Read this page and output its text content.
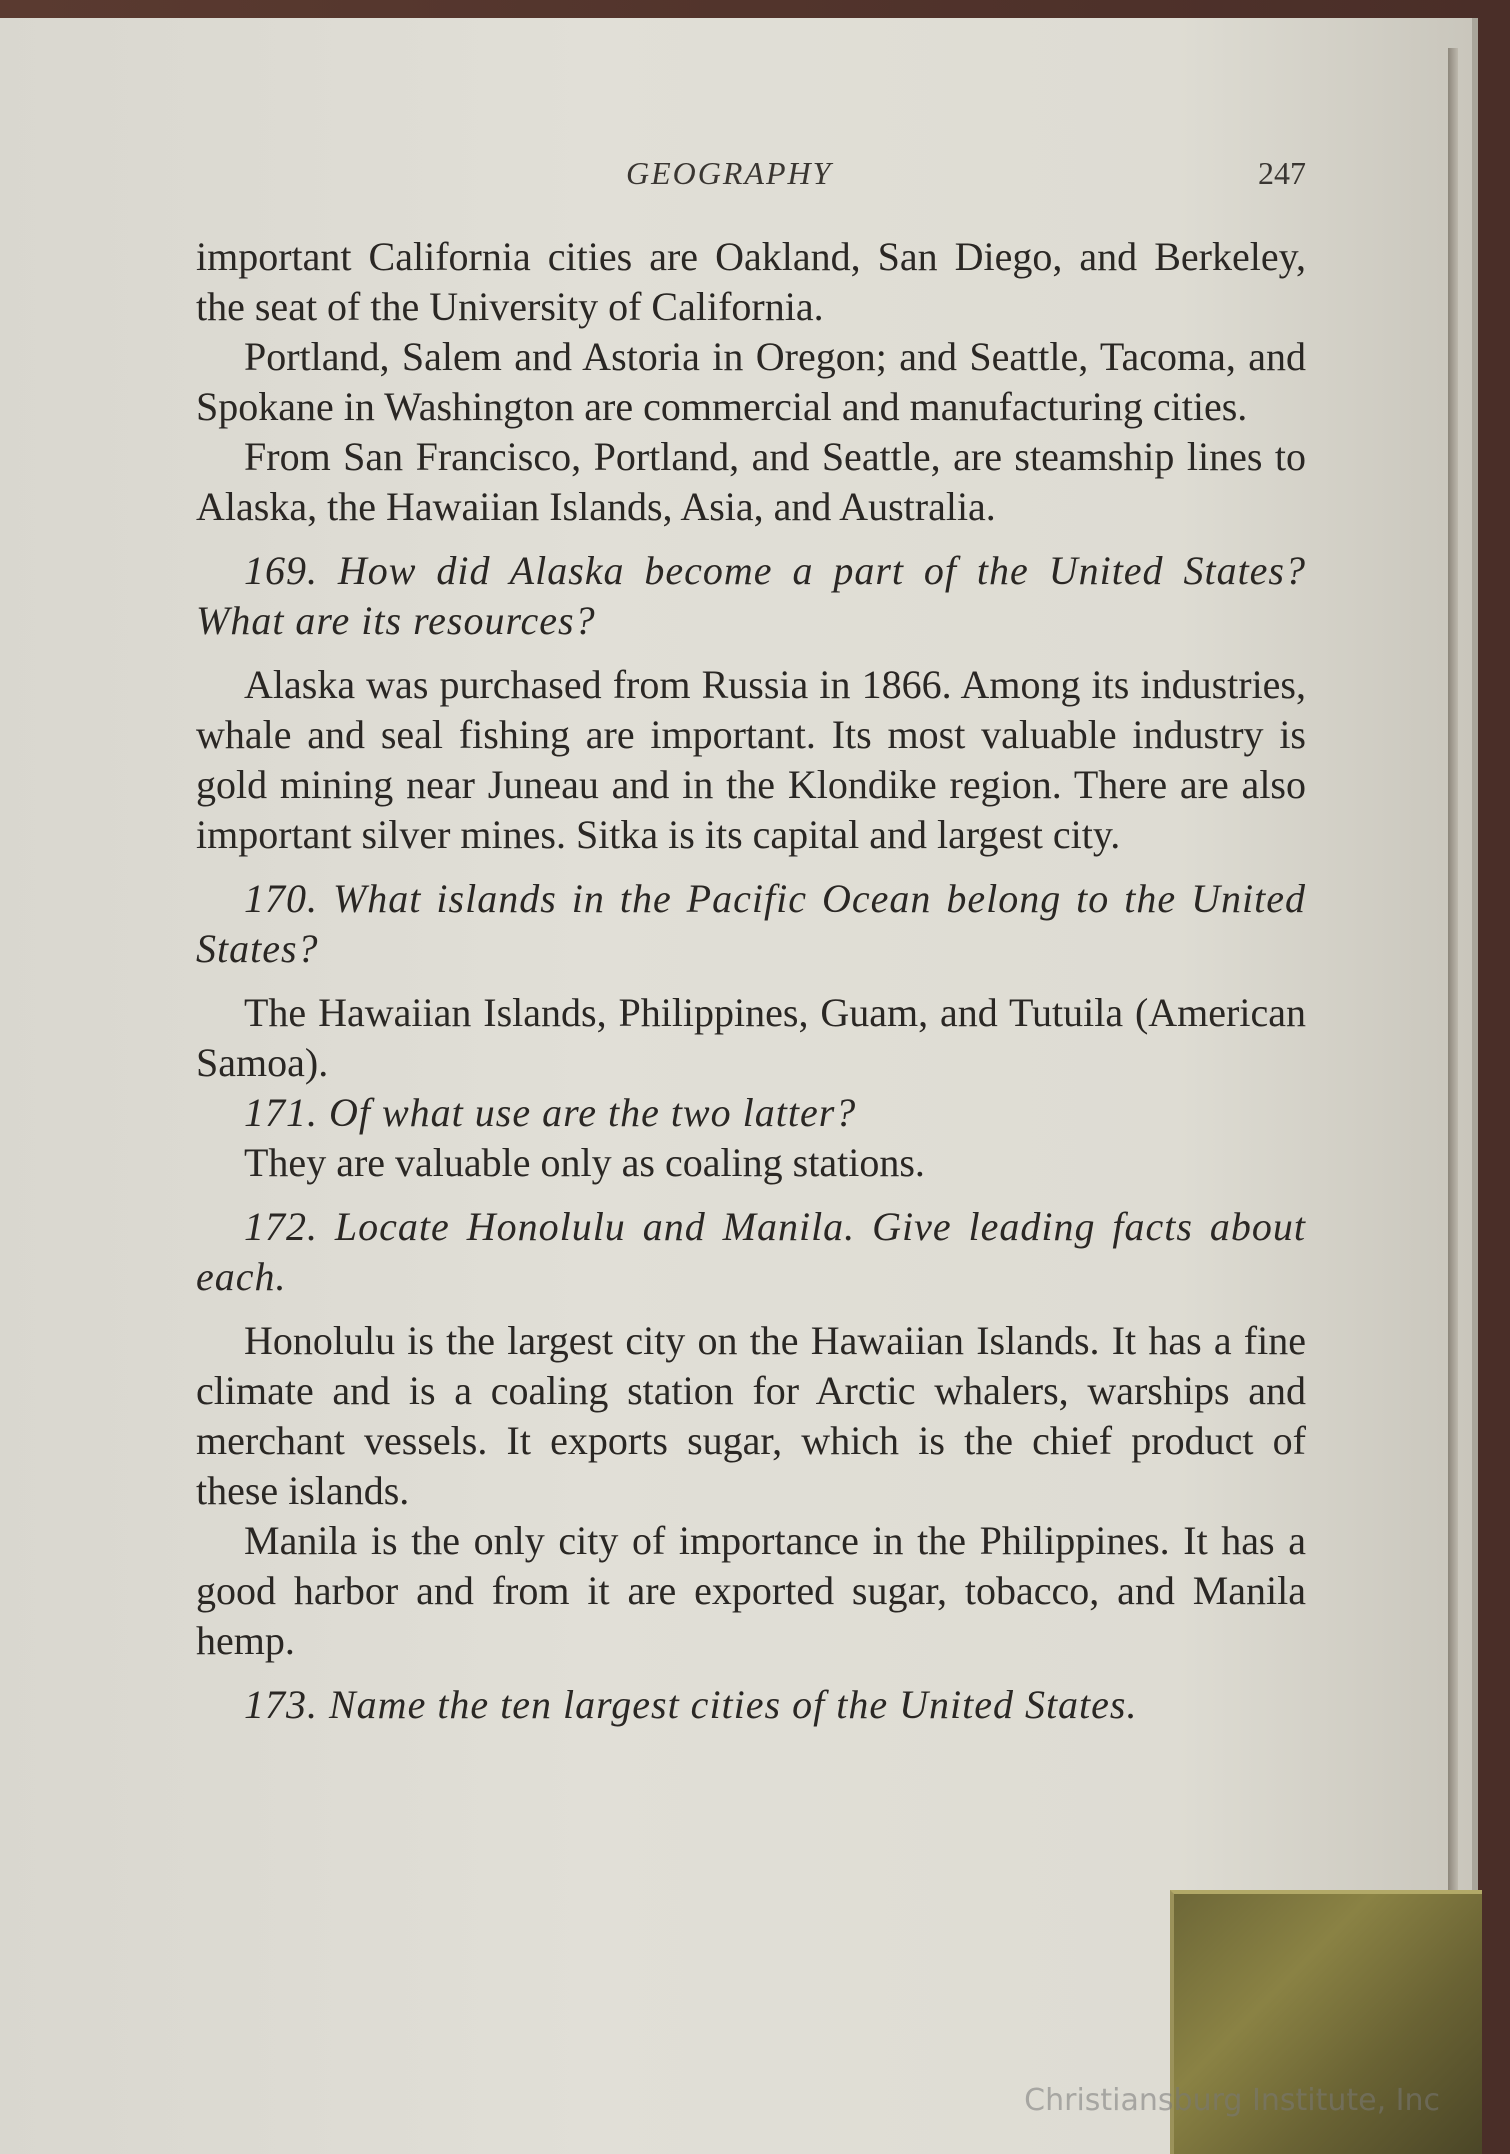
GEOGRAPHY	247

important California cities are Oakland, San Diego, and Berkeley, the seat of the University of California.

Portland, Salem and Astoria in Oregon; and Seattle, Tacoma, and Spokane in Washington are commercial and manufacturing cities.

From San Francisco, Portland, and Seattle, are steamship lines to Alaska, the Hawaiian Islands, Asia, and Australia.

169. How did Alaska become a part of the United States? What are its resources?

Alaska was purchased from Russia in 1866. Among its industries, whale and seal fishing are important. Its most valuable industry is gold mining near Juneau and in the Klondike region. There are also important silver mines. Sitka is its capital and largest city.

170. What islands in the Pacific Ocean belong to the United States?

The Hawaiian Islands, Philippines, Guam, and Tutuila (American Samoa).

171. Of what use are the two latter?

They are valuable only as coaling stations.

172. Locate Honolulu and Manila. Give leading facts about each.

Honolulu is the largest city on the Hawaiian Islands. It has a fine climate and is a coaling station for Arctic whalers, warships and merchant vessels. It exports sugar, which is the chief product of these islands.

Manila is the only city of importance in the Philippines. It has a good harbor and from it are exported sugar, tobacco, and Manila hemp.

173. Name the ten largest cities of the United States.

Christiansburg Institute, Inc
